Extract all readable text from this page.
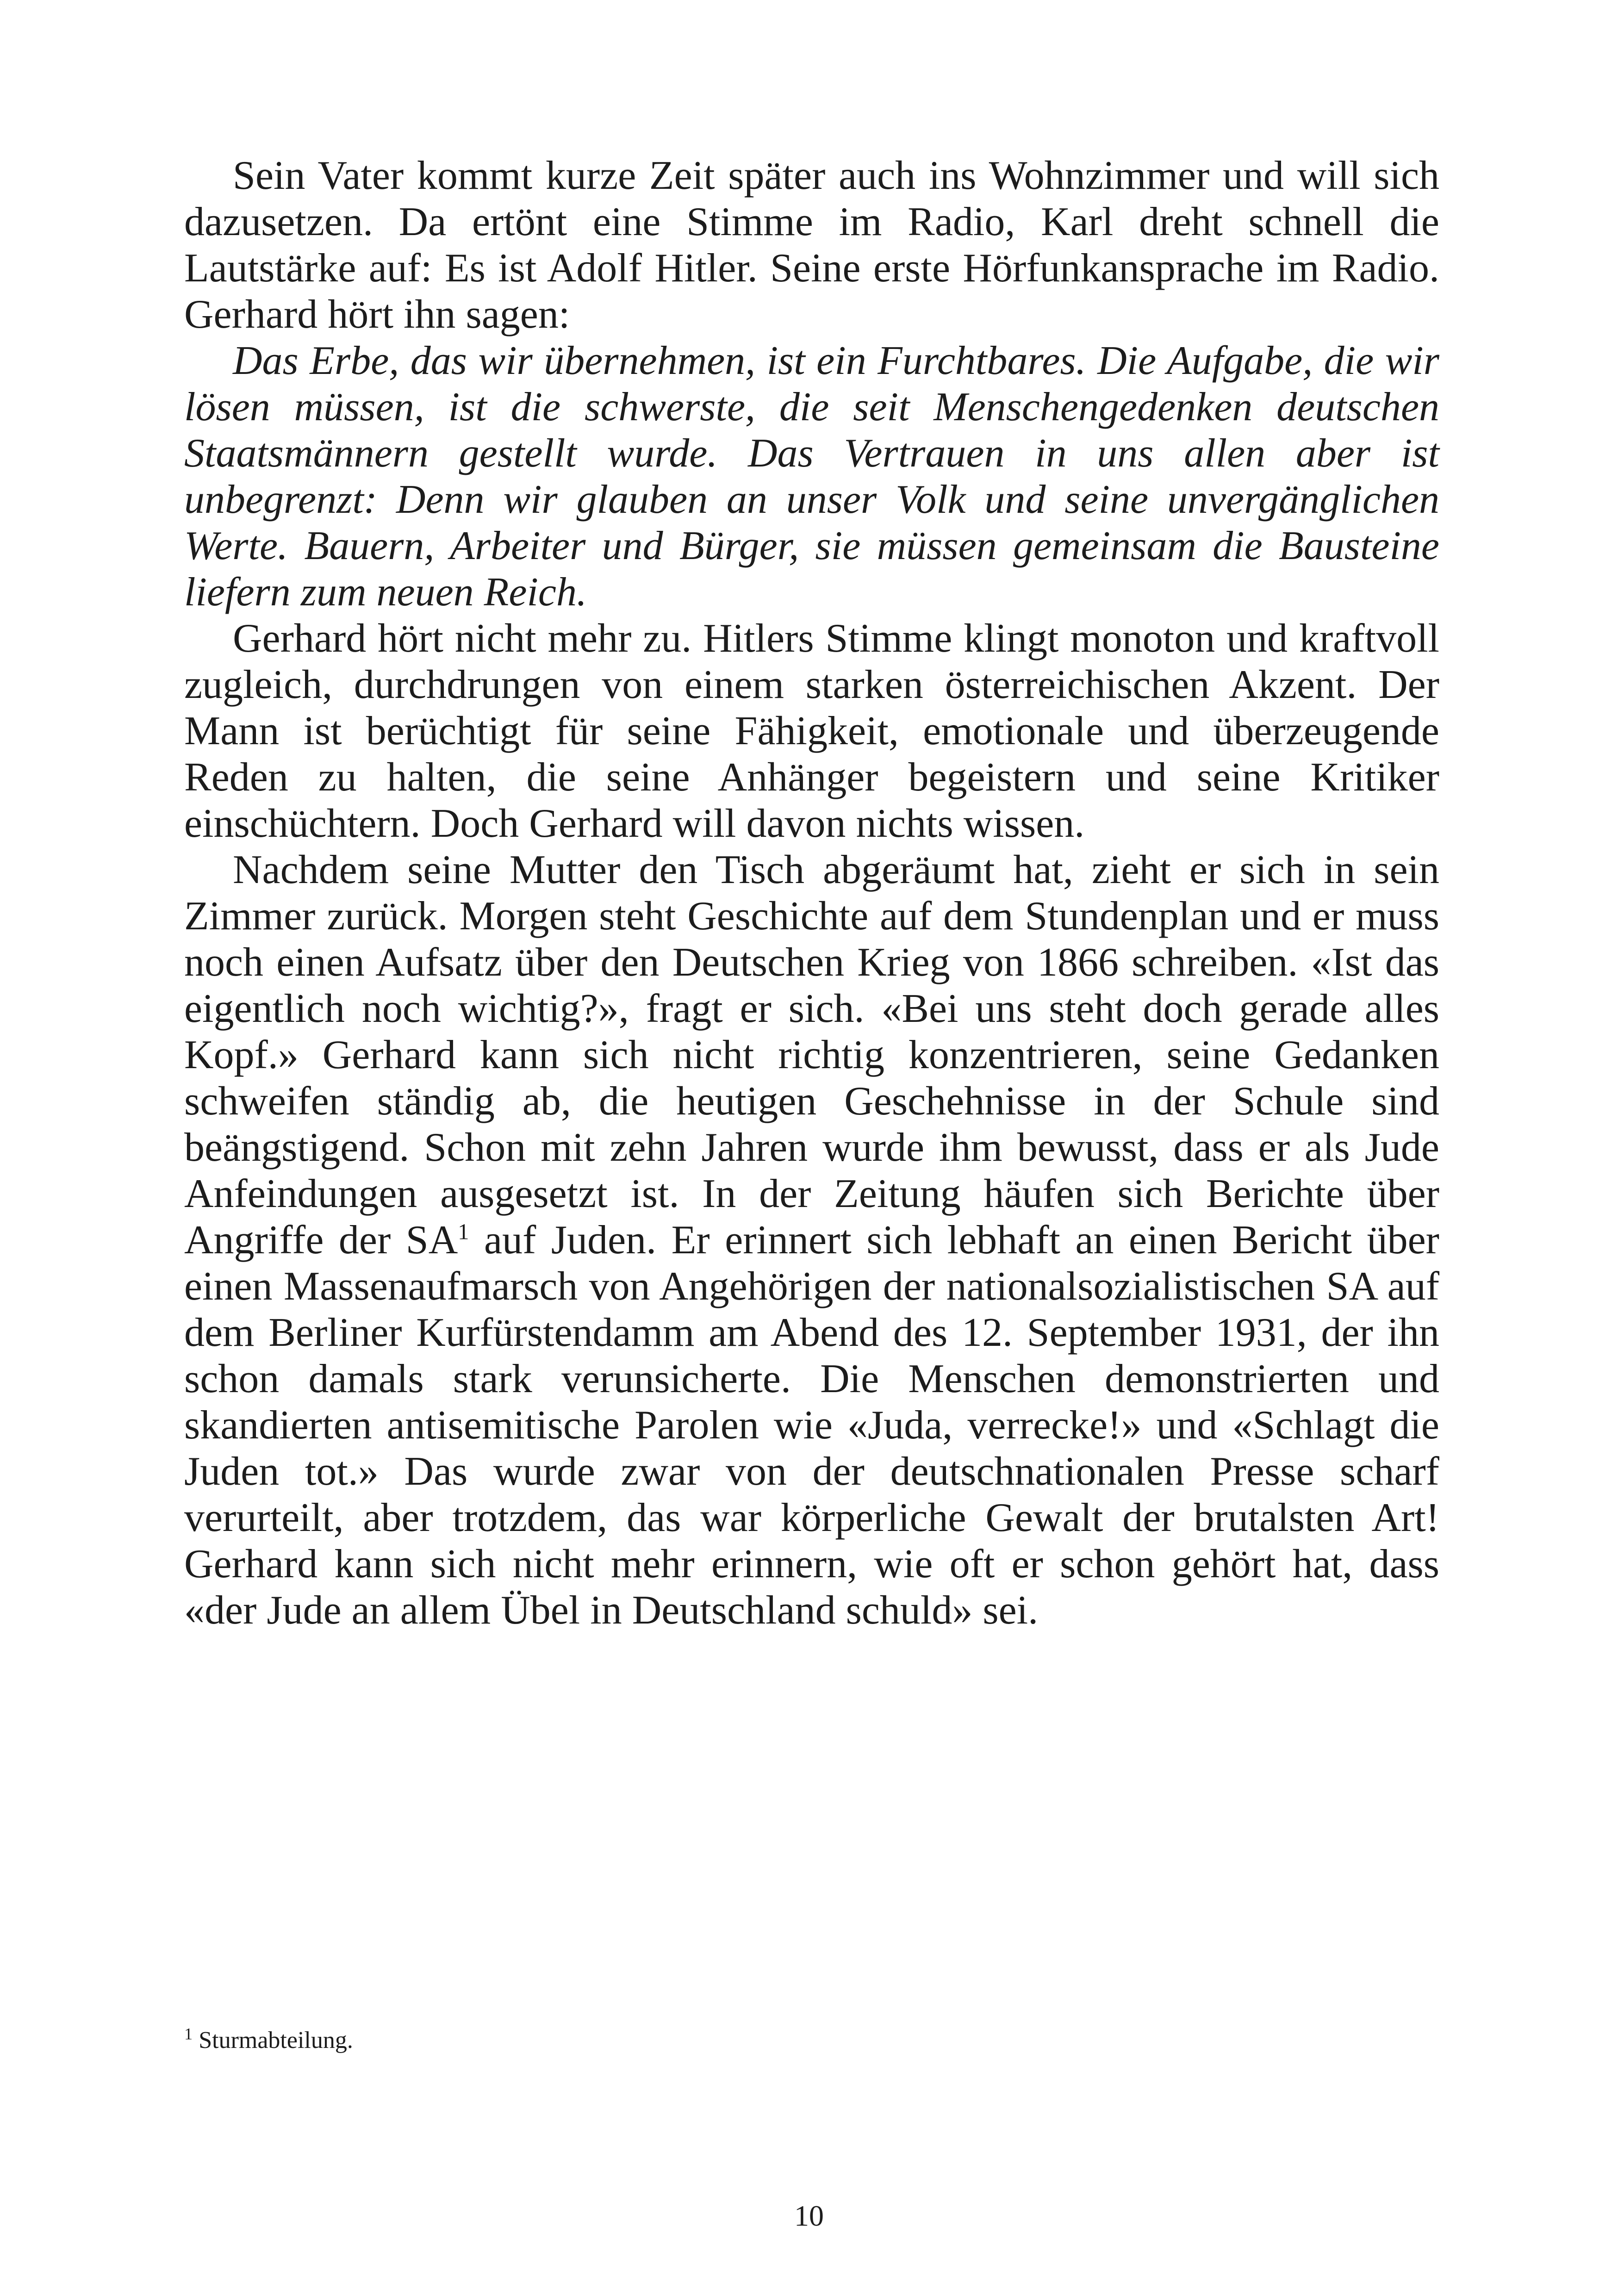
Sein Vater kommt kurze Zeit später auch ins Wohnzimmer und will sich dazusetzen. Da ertönt eine Stimme im Radio, Karl dreht schnell die Lautstärke auf: Es ist Adolf Hitler. Seine erste Hörfunkansprache im Radio. Gerhard hört ihn sagen:

Das Erbe, das wir übernehmen, ist ein Furchtbares. Die Aufgabe, die wir lösen müssen, ist die schwerste, die seit Menschengedenken deutschen Staatsmännern gestellt wurde. Das Vertrauen in uns allen aber ist unbegrenzt: Denn wir glauben an unser Volk und seine unvergänglichen Werte. Bauern, Arbeiter und Bürger, sie müssen gemeinsam die Bausteine liefern zum neuen Reich.

Gerhard hört nicht mehr zu. Hitlers Stimme klingt monoton und kraftvoll zugleich, durchdrungen von einem starken österreichischen Akzent. Der Mann ist berüchtigt für seine Fähigkeit, emotionale und überzeugende Reden zu halten, die seine Anhänger begeistern und seine Kritiker einschüchtern. Doch Gerhard will davon nichts wissen.

Nachdem seine Mutter den Tisch abgeräumt hat, zieht er sich in sein Zimmer zurück. Morgen steht Geschichte auf dem Stundenplan und er muss noch einen Aufsatz über den Deutschen Krieg von 1866 schreiben. «Ist das eigentlich noch wichtig?», fragt er sich. «Bei uns steht doch gerade alles Kopf.» Gerhard kann sich nicht richtig konzentrieren, seine Gedanken schweifen ständig ab, die heutigen Geschehnisse in der Schule sind beängstigend. Schon mit zehn Jahren wurde ihm bewusst, dass er als Jude Anfeindungen ausgesetzt ist. In der Zeitung häufen sich Berichte über Angriffe der SA$^1$ auf Juden. Er erinnert sich lebhaft an einen Bericht über einen Massenaufmarsch von Angehörigen der nationalsozialistischen SA auf dem Berliner Kurfürstendamm am Abend des 12. September 1931, der ihn schon damals stark verunsicherte. Die Menschen demonstrierten und skandierten antisemitische Parolen wie «Juda, verrecke!» und «Schlagt die Juden tot.» Das wurde zwar von der deutschnationalen Presse scharf verurteilt, aber trotzdem, das war körperliche Gewalt der brutalsten Art! Gerhard kann sich nicht mehr erinnern, wie oft er schon gehört hat, dass «der Jude an allem Übel in Deutschland schuld» sei.

$^1$ Sturmabteilung.
10
